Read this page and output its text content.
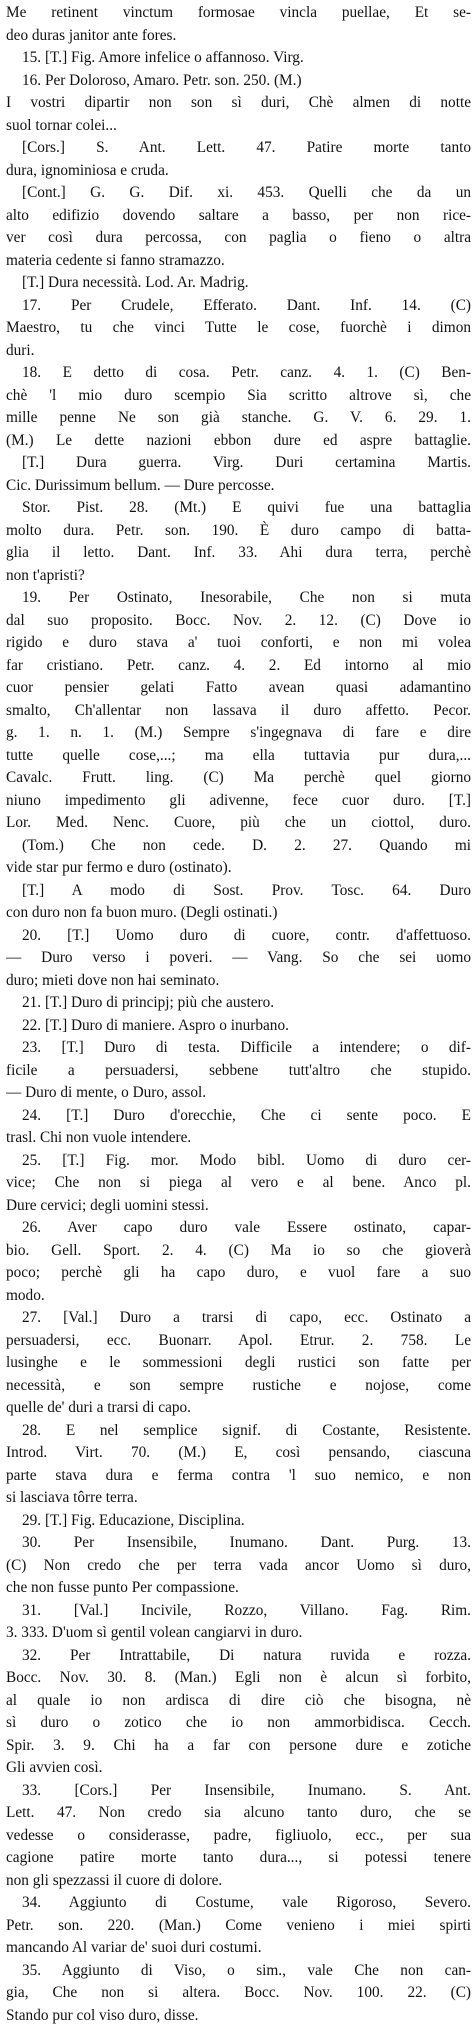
Me retinent vinctum formosae vincla puellae, Et se-
deo duras janitor ante fores.
15. [T.] Fig. Amore infelice o affannoso. Virg.
16. Per Doloroso, Amaro. Petr. son. 250. (M.)
I vostri dipartir non son sì duri, Chè almen di notte
suol tornar colei...
[Cors.] S. Ant. Lett. 47. Patire morte tanto
dura, ignominiosa e cruda.
[Cont.] G. G. Dif. xi. 453. Quelli che da un
alto edifizio dovendo saltare a basso, per non rice-
ver così dura percossa, con paglia o fieno o altra
materia cedente si fanno stramazzo.
[T.] Dura necessità. Lod. Ar. Madrig.
17. Per Crudele, Efferato. Dant. Inf. 14. (C)
Maestro, tu che vinci Tutte le cose, fuorchè i dimon
duri.
18. E detto di cosa. Petr. canz. 4. 1. (C) Ben-
chè 'l mio duro scempio Sia scritto altrove sì, che
mille penne Ne son già stanche. G. V. 6. 29. 1.
(M.) Le dette nazioni ebbon dure ed aspre battaglie.
[T.] Dura guerra. Virg. Duri certamina Martis.
Cic. Durissimum bellum. — Dure percosse.
Stor. Pist. 28. (Mt.) E quivi fue una battaglia
molto dura. Petr. son. 190. È duro campo di batta-
glia il letto. Dant. Inf. 33. Ahi dura terra, perchè
non t'apristi?
19. Per Ostinato, Inesorabile, Che non si muta
dal suo proposito. Bocc. Nov. 2. 12. (C) Dove io
rigido e duro stava a' tuoi conforti, e non mi volea
far cristiano. Petr. canz. 4. 2. Ed intorno al mio
cuor pensier gelati Fatto avean quasi adamantino
smalto, Ch'allentar non lassava il duro affetto. Pecor.
g. 1. n. 1. (M.) Sempre s'ingegnava di fare e dire
tutte quelle cose,...; ma ella tuttavia pur dura,...
Cavalc. Frutt. ling. (C) Ma perchè quel giorno
niuno impedimento gli adivenne, fece cuor duro. [T.]
Lor. Med. Nenc. Cuore, più che un ciottol, duro.
(Tom.) Che non cede. D. 2. 27. Quando mi
vide star pur fermo e duro (ostinato).
[T.] A modo di Sost. Prov. Tosc. 64. Duro
con duro non fa buon muro. (Degli ostinati.)
20. [T.] Uomo duro di cuore, contr. d'affettuoso.
— Duro verso i poveri. — Vang. So che sei uomo
duro; mieti dove non hai seminato.
21. [T.] Duro di principj; più che austero.
22. [T.] Duro di maniere. Aspro o inurbano.
23. [T.] Duro di testa. Difficile a intendere; o dif-
ficile a persuadersi, sebbene tutt'altro che stupido.
— Duro di mente, o Duro, assol.
24. [T.] Duro d'orecchie, Che ci sente poco. E
trasl. Chi non vuole intendere.
25. [T.] Fig. mor. Modo bibl. Uomo di duro cer-
vice; Che non si piega al vero e al bene. Anco pl.
Dure cervici; degli uomini stessi.
26. Aver capo duro vale Essere ostinato, capar-
bio. Gell. Sport. 2. 4. (C) Ma io so che gioverà
poco; perchè gli ha capo duro, e vuol fare a suo
modo.
27. [Val.] Duro a trarsi di capo, ecc. Ostinato a
persuadersi, ecc. Buonarr. Apol. Etrur. 2. 758. Le
lusinghe e le sommessioni degli rustici son fatte per
necessità, e son sempre rustiche e nojose, come
quelle de' duri a trarsi di capo.
28. E nel semplice signif. di Costante, Resistente.
Introd. Virt. 70. (M.) E, così pensando, ciascuna
parte stava dura e ferma contra 'l suo nemico, e non
si lasciava tôrre terra.
29. [T.] Fig. Educazione, Disciplina.
30. Per Insensibile, Inumano. Dant. Purg. 13.
(C) Non credo che per terra vada ancor Uomo sì duro,
che non fusse punto Per compassione.
31. [Val.] Incivile, Rozzo, Villano. Fag. Rim.
3. 333. D'uom sì gentil volean cangiarvi in duro.
32. Per Intrattabile, Di natura ruvida e rozza.
Bocc. Nov. 30. 8. (Man.) Egli non è alcun sì forbito,
al quale io non ardisca di dire ciò che bisogna, nè
sì duro o zotico che io non ammorbidisca. Cecch.
Spir. 3. 9. Chi ha a far con persone dure e zotiche
Gli avvien così.
33. [Cors.] Per Insensibile, Inumano. S. Ant.
Lett. 47. Non credo sia alcuno tanto duro, che se
vedesse o considerasse, padre, figliuolo, ecc., per sua
cagione patire morte tanto dura..., si potessi tenere
non gli spezzassi il cuore di dolore.
34. Aggiunto di Costume, vale Rigoroso, Severo.
Petr. son. 220. (Man.) Come venieno i miei spirti
mancando Al variar de' suoi duri costumi.
35. Aggiunto di Viso, o sim., vale Che non can-
gia, Che non si altera. Bocc. Nov. 100. 22. (C)
Stando pur col viso duro, disse.
